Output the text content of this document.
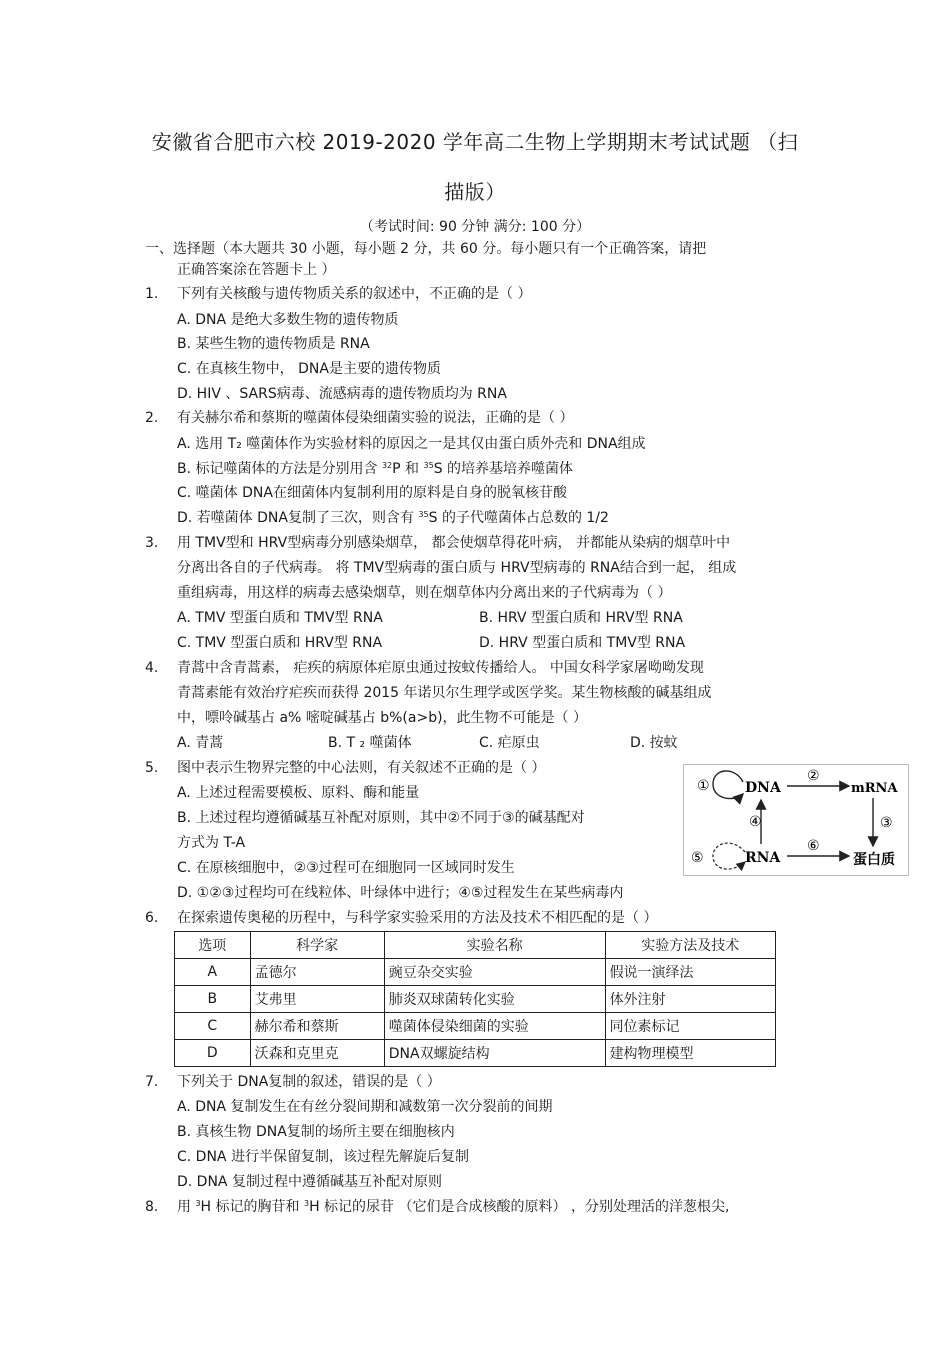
安徽省合肥市六校 2019-2020 学年高二生物上学期期末考试试题 （扫
描版）
（考试时间: 90 分钟 满分: 100 分）
一、选择题（本大题共 30 小题，每小题 2 分，共 60 分。每小题只有一个正确答案，请把
正确答案涂在答题卡上 ）
1. 下列有关核酸与遗传物质关系的叙述中，不正确的是（ ）
A. DNA 是绝大多数生物的遗传物质
B. 某些生物的遗传物质是 RNA
C. 在真核生物中， DNA是主要的遗传物质
D. HIV 、SARS病毒、流感病毒的遗传物质均为 RNA
2. 有关赫尔希和蔡斯的噬菌体侵染细菌实验的说法，正确的是（ ）
A. 选用 T₂ 噬菌体作为实验材料的原因之一是其仅由蛋白质外壳和 DNA组成
B. 标记噬菌体的方法是分别用含 $^{32}$P 和 $^{35}$S 的培养基培养噬菌体
C. 噬菌体 DNA在细菌体内复制利用的原料是自身的脱氧核苷酸
D. 若噬菌体 DNA复制了三次，则含有 $^{35}$S 的子代噬菌体占总数的 1/2
3. 用 TMV型和 HRV型病毒分别感染烟草， 都会使烟草得花叶病， 并都能从染病的烟草叶中
分离出各自的子代病毒。 将 TMV型病毒的蛋白质与 HRV型病毒的 RNA结合到一起， 组成
重组病毒，用这样的病毒去感染烟草，则在烟草体内分离出来的子代病毒为（ ）
A. TMV 型蛋白质和 TMV型 RNA	B. HRV 型蛋白质和 HRV型 RNA
C. TMV 型蛋白质和 HRV型 RNA	D. HRV 型蛋白质和 TMV型 RNA
4. 青蒿中含青蒿素， 疟疾的病原体疟原虫通过按蚊传播给人。 中国女科学家屠呦呦发现
青蒿素能有效治疗疟疾而获得 2015 年诺贝尔生理学或医学奖。某生物核酸的碱基组成
中，嘌呤碱基占 a% 嘧啶碱基占 b%(a>b)，此生物不可能是（ ）
A. 青蒿	B. T ₂ 噬菌体	C. 疟原虫	D. 按蚊
5. 图中表示生物界完整的中心法则，有关叙述不正确的是（ ）
A. 上述过程需要模板、原料、酶和能量
B. 上述过程均遵循碱基互补配对原则，其中②不同于③的碱基配对
方式为 T-A
C. 在原核细胞中，②③过程可在细胞同一区域同时发生
D. ①②③过程均可在线粒体、叶绿体中进行；④⑤过程发生在某些病毒内
①	DNA
②
mRNA
③
蛋白质
④
⑤	RNA
⑥
6. 在探索遗传奥秘的历程中，与科学家实验采用的方法及技术不相匹配的是（ ）
选项	科学家	实验名称	实验方法及技术
A	孟德尔	豌豆杂交实验	假说一演绎法
B	艾弗里	肺炎双球菌转化实验	体外注射
C	赫尔希和蔡斯	噬菌体侵染细菌的实验	同位素标记
D	沃森和克里克	DNA双螺旋结构	建构物理模型
7. 下列关于 DNA复制的叙述，错误的是（ ）
A. DNA 复制发生在有丝分裂间期和减数第一次分裂前的间期
B. 真核生物 DNA复制的场所主要在细胞核内
C. DNA 进行半保留复制，该过程先解旋后复制
D. DNA 复制过程中遵循碱基互补配对原则
8. 用 $^3$H 标记的胸苷和 $^3$H 标记的尿苷 （它们是合成核酸的原料） ，分别处理活的洋葱根尖,
